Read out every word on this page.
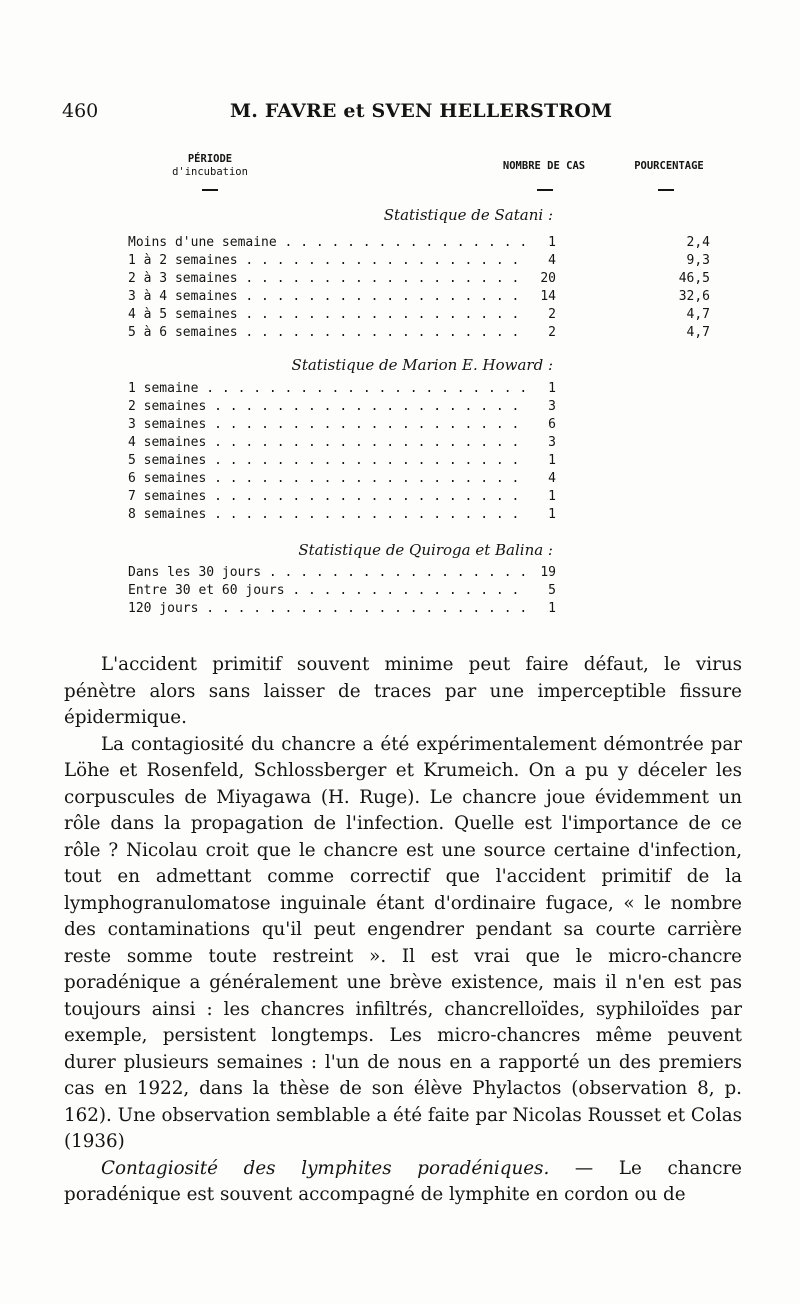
460	M. FAVRE et SVEN HELLERSTROM
PÉRIODE
d'incubation	NOMBRE DE CAS	POURCENTAGE
Statistique de Satani :
Moins d'une semaine . . .	1	2,4
1 à 2 semaines . . .	4	9,3
2 à 3 semaines . . .	20	46,5
3 à 4 semaines . . .	14	32,6
4 à 5 semaines . . .	2	4,7
5 à 6 semaines . . .	2	4,7
Statistique de Marion E. Howard :
1 semaine . . .	1
2 semaines . . .	3
3 semaines . . .	6
4 semaines . . .	3
5 semaines . . .	1
6 semaines . . .	4
7 semaines . . .	1
8 semaines . . .	1
Statistique de Quiroga et Balina :
Dans les 30 jours . . .	19
Entre 30 et 60 jours . . .	5
120 jours . . .	1

L'accident primitif souvent minime peut faire défaut, le virus pénètre alors sans laisser de traces par une imperceptible fissure épidermique.

La contagiosité du chancre a été expérimentalement démontrée par Löhe et Rosenfeld, Schlossberger et Krumeich. On a pu y déceler les corpuscules de Miyagawa (H. Ruge). Le chancre joue évidemment un rôle dans la propagation de l'infection. Quelle est l'importance de ce rôle ? Nicolau croit que le chancre est une source certaine d'infection, tout en admettant comme correctif que l'accident primitif de la lymphogranulomatose inguinale étant d'ordinaire fugace, « le nombre des contaminations qu'il peut engendrer pendant sa courte carrière reste somme toute restreint ». Il est vrai que le micro-chancre poradénique a généralement une brève existence, mais il n'en est pas toujours ainsi : les chancres infiltrés, chancrelloïdes, syphiloïdes par exemple, persistent longtemps. Les micro-chancres même peuvent durer plusieurs semaines : l'un de nous en a rapporté un des premiers cas en 1922, dans la thèse de son élève Phylactos (observation 8, p. 162). Une observation semblable a été faite par Nicolas Rousset et Colas (1936)

Contagiosité des lymphites poradéniques. — Le chancre poradénique est souvent accompagné de lymphite en cordon ou de
